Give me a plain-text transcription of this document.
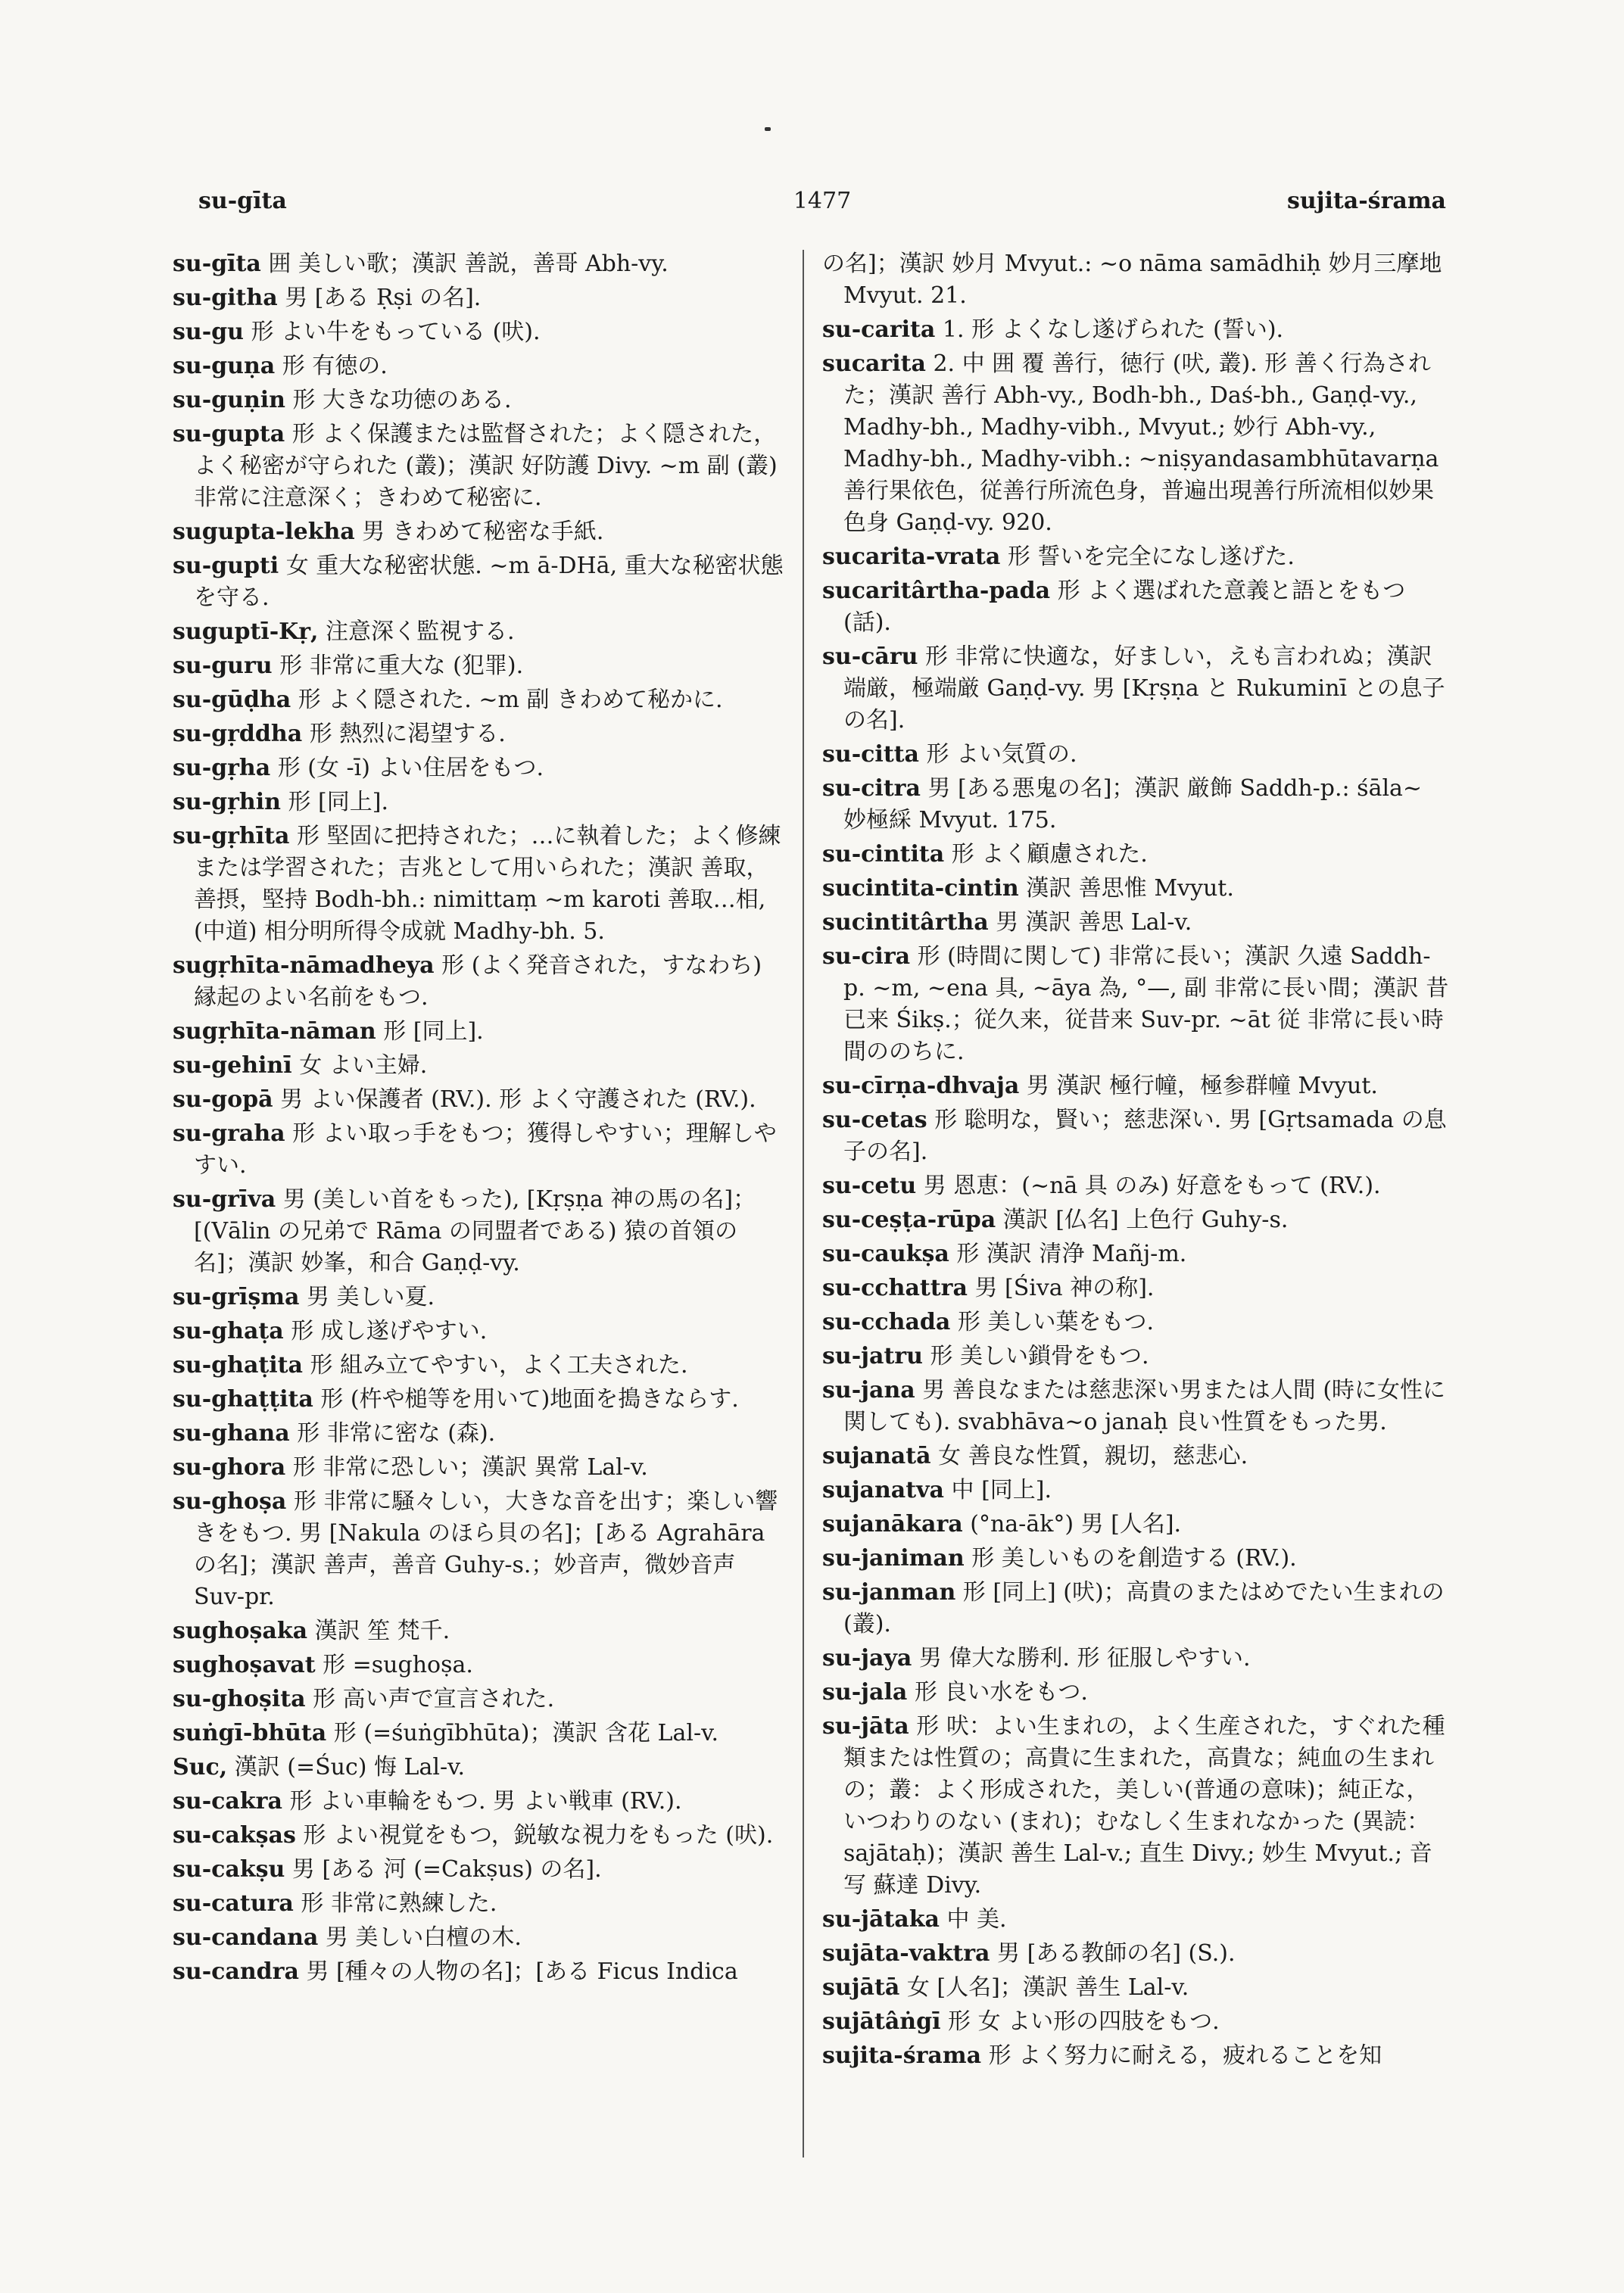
su-gīta	1477	sujita-śrama
su-gīta 囲 美しい歌；漢訳 善説，善哥 Abh-vy.
su-githa 男 [ある Ṛṣi の名].
su-gu 形 よい牛をもっている (吠).
su-guṇa 形 有徳の.
su-guṇin 形 大きな功徳のある.
su-gupta 形 よく保護または監督された；よく隠された，よく秘密が守られた (叢)；漢訳 好防護 Divy. ~m 副 (叢)非常に注意深く；きわめて秘密に.
sugupta-lekha 男 きわめて秘密な手紙.
su-gupti 女 重大な秘密状態. ~m ā-DHā, 重大な秘密状態を守る.
suguptī-Kṛ, 注意深く監視する.
su-guru 形 非常に重大な (犯罪).
su-gūḍha 形 よく隠された. ~m 副 きわめて秘かに.
su-gṛddha 形 熱烈に渇望する.
su-gṛha 形 (女 -ī) よい住居をもつ.
su-gṛhin 形 [同上].
su-gṛhīta 形 堅固に把持された；…に執着した；よく修練または学習された；吉兆として用いられた；漢訳 善取，善摂，堅持 Bodh-bh.: nimittaṃ ~m karoti 善取…相,(中道) 相分明所得令成就 Madhy-bh. 5.
sugṛhīta-nāmadheya 形 (よく発音された，すなわち) 縁起のよい名前をもつ.
sugṛhīta-nāman 形 [同上].
su-gehinī 女 よい主婦.
su-gopā 男 よい保護者 (RV.). 形 よく守護された (RV.).
su-graha 形 よい取っ手をもつ；獲得しやすい；理解しやすい.
su-grīva 男 (美しい首をもった), [Kṛṣṇa 神の馬の名]；[(Vālin の兄弟で Rāma の同盟者である) 猿の首領の名]；漢訳 妙峯，和合 Gaṇḍ-vy.
su-grīṣma 男 美しい夏.
su-ghaṭa 形 成し遂げやすい.
su-ghaṭita 形 組み立てやすい，よく工夫された.
su-ghaṭṭita 形 (杵や槌等を用いて)地面を搗きならす.
su-ghana 形 非常に密な (森).
su-ghora 形 非常に恐しい；漢訳 異常 Lal-v.
su-ghoṣa 形 非常に騒々しい，大きな音を出す；楽しい響きをもつ. 男 [Nakula のほら貝の名]；[ある Agrahāra の名]；漢訳 善声，善音 Guhy-s.；妙音声，微妙音声 Suv-pr.
sughoṣaka 漢訳 笙 梵千.
sughoṣavat 形 =sughoṣa.
su-ghoṣita 形 高い声で宣言された.
suṅgī-bhūta 形 (=śuṅgībhūta)；漢訳 含花 Lal-v.
Suc, 漢訳 (=Śuc) 悔 Lal-v.
su-cakra 形 よい車輪をもつ. 男 よい戦車 (RV.).
su-cakṣas 形 よい視覚をもつ，鋭敏な視力をもった (吠).
su-cakṣu 男 [ある 河 (=Cakṣus) の名].
su-catura 形 非常に熟練した.
su-candana 男 美しい白檀の木.
su-candra 男 [種々の人物の名]；[ある Ficus Indica
の名]；漢訳 妙月 Mvyut.: ~o nāma samādhiḥ 妙月三摩地 Mvyut. 21.
su-carita 1. 形 よくなし遂げられた (誓い).
sucarita 2. 中 囲 覆 善行，徳行 (吠, 叢). 形 善く行為された；漢訳 善行 Abh-vy., Bodh-bh., Daś-bh., Gaṇḍ-vy., Madhy-bh., Madhy-vibh., Mvyut.; 妙行 Abh-vy., Madhy-bh., Madhy-vibh.: ~niṣyandasambhūtavarṇa 善行果依色，従善行所流色身，普遍出現善行所流相似妙果色身 Gaṇḍ-vy. 920.
sucarita-vrata 形 誓いを完全になし遂げた.
sucaritârtha-pada 形 よく選ばれた意義と語とをもつ (話).
su-cāru 形 非常に快適な，好ましい，えも言われぬ；漢訳 端厳，極端厳 Gaṇḍ-vy. 男 [Kṛṣṇa と Rukuminī との息子の名].
su-citta 形 よい気質の.
su-citra 男 [ある悪鬼の名]；漢訳 厳飾 Saddh-p.: śāla~ 妙極綵 Mvyut. 175.
su-cintita 形 よく顧慮された.
sucintita-cintin 漢訳 善思惟 Mvyut.
sucintitârtha 男 漢訳 善思 Lal-v.
su-cira 形 (時間に関して) 非常に長い；漢訳 久遠 Saddh-p. ~m, ~ena 具, ~āya 為, °—, 副 非常に長い間；漢訳 昔已来 Śikṣ.；従久来，従昔来 Suv-pr. ~āt 従 非常に長い時間ののちに.
su-cīrṇa-dhvaja 男 漢訳 極行幢，極参群幢 Mvyut.
su-cetas 形 聡明な，賢い；慈悲深い. 男 [Gṛtsamada の息子の名].
su-cetu 男 恩恵：(~nā 具 のみ) 好意をもって (RV.).
su-ceṣṭa-rūpa 漢訳 [仏名] 上色行 Guhy-s.
su-caukṣa 形 漢訳 清浄 Mañj-m.
su-cchattra 男 [Śiva 神の称].
su-cchada 形 美しい葉をもつ.
su-jatru 形 美しい鎖骨をもつ.
su-jana 男 善良なまたは慈悲深い男または人間 (時に女性に関しても). svabhāva~o janaḥ 良い性質をもった男.
sujanatā 女 善良な性質，親切，慈悲心.
sujanatva 中 [同上].
sujanākara (°na-āk°) 男 [人名].
su-janiman 形 美しいものを創造する (RV.).
su-janman 形 [同上] (吠)；高貴のまたはめでたい生まれの (叢).
su-jaya 男 偉大な勝利. 形 征服しやすい.
su-jala 形 良い水をもつ.
su-jāta 形 吠：よい生まれの，よく生産された，すぐれた種類または性質の；高貴に生まれた，高貴な；純血の生まれの；叢：よく形成された，美しい(普通の意味)；純正な，いつわりのない (まれ)；むなしく生まれなかった (異読：sajātaḥ)；漢訳 善生 Lal-v.; 直生 Divy.; 妙生 Mvyut.; 音写 蘇達 Divy.
su-jātaka 中 美.
sujāta-vaktra 男 [ある教師の名] (S.).
sujātā 女 [人名]；漢訳 善生 Lal-v.
sujātâṅgī 形 女 よい形の四肢をもつ.
sujita-śrama 形 よく努力に耐える，疲れることを知
